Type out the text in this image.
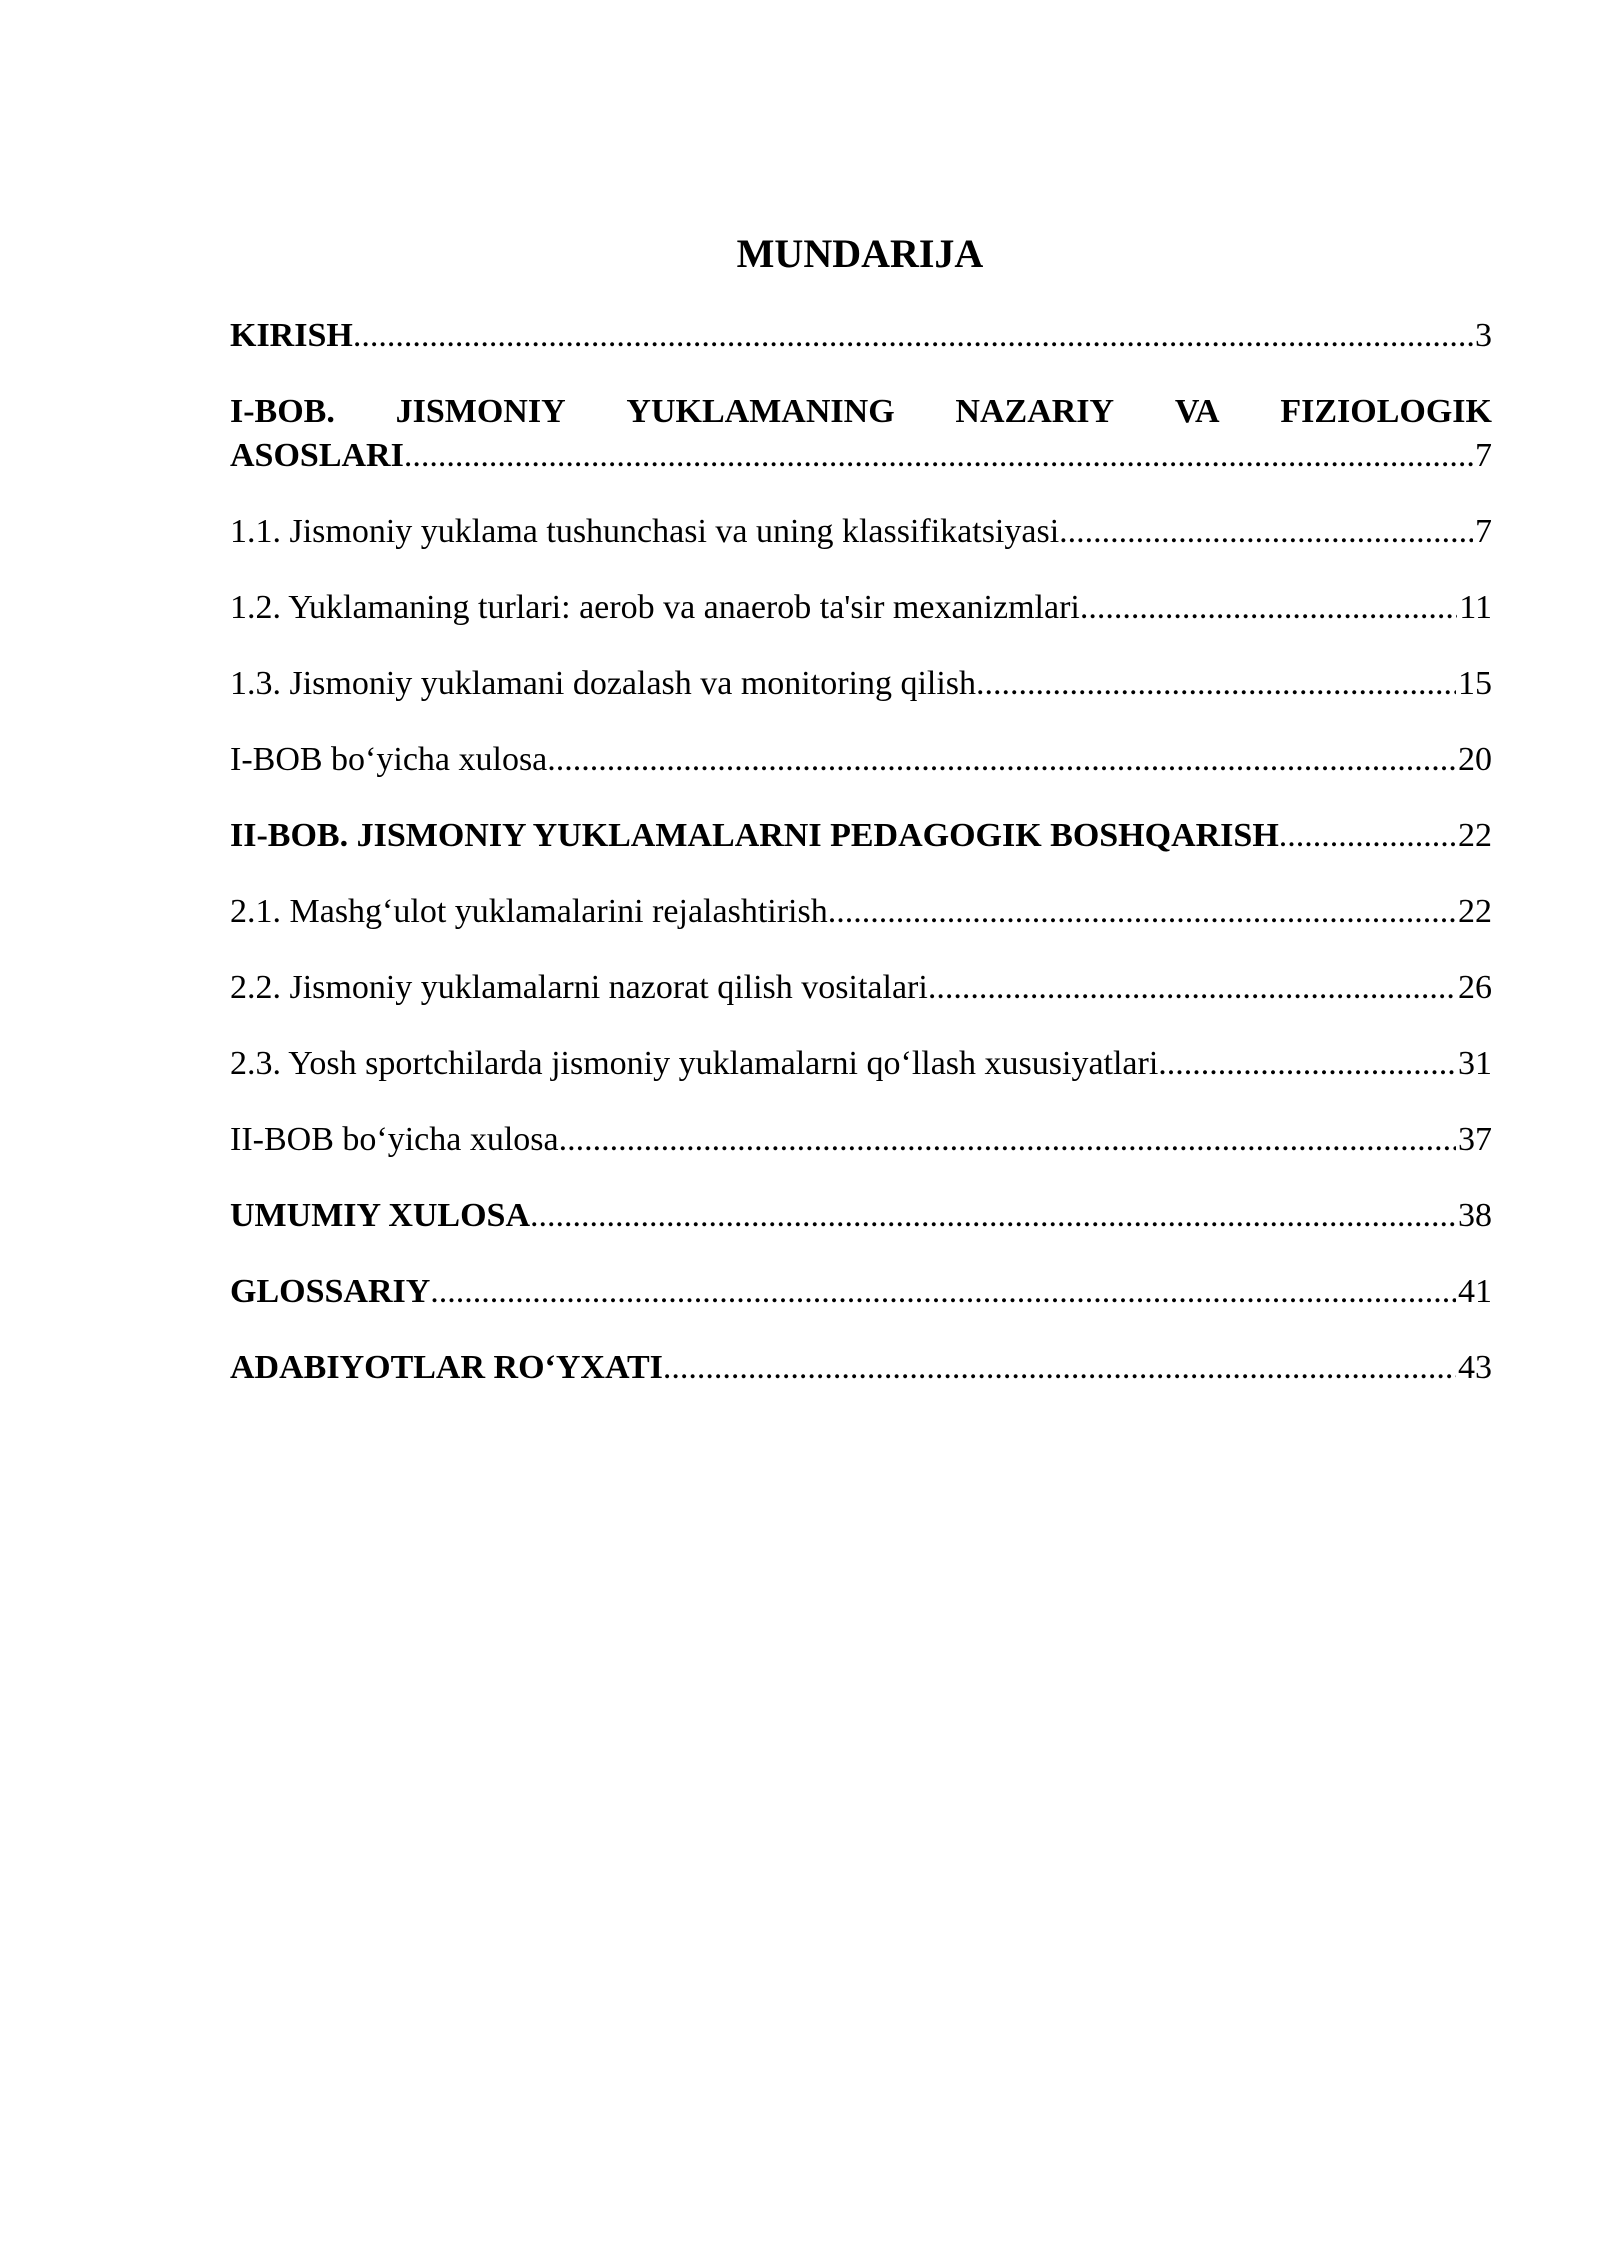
MUNDARIJA
KIRISH .....	3
I-BOB. JISMONIY YUKLAMANING NAZARIY VA FIZIOLOGIK
ASOSLARI .....	7
1.1. Jismoniy yuklama tushunchasi va uning klassifikatsiyasi .....	7
1.2. Yuklamaning turlari: aerob va anaerob ta'sir mexanizmlari .....	11
1.3. Jismoniy yuklamani dozalash va monitoring qilish .....	15
I-BOB bo‘yicha xulosa .....	20
II-BOB. JISMONIY YUKLAMALARNI PEDAGOGIK BOSHQARISH .....	22
2.1. Mashg‘ulot yuklamalarini rejalashtirish .....	22
2.2. Jismoniy yuklamalarni nazorat qilish vositalari .....	26
2.3. Yosh sportchilarda jismoniy yuklamalarni qo‘llash xususiyatlari .....	31
II-BOB bo‘yicha xulosa .....	37
UMUMIY XULOSA .....	38
GLOSSARIY .....	41
ADABIYOTLAR RO‘YXATI .....	43
